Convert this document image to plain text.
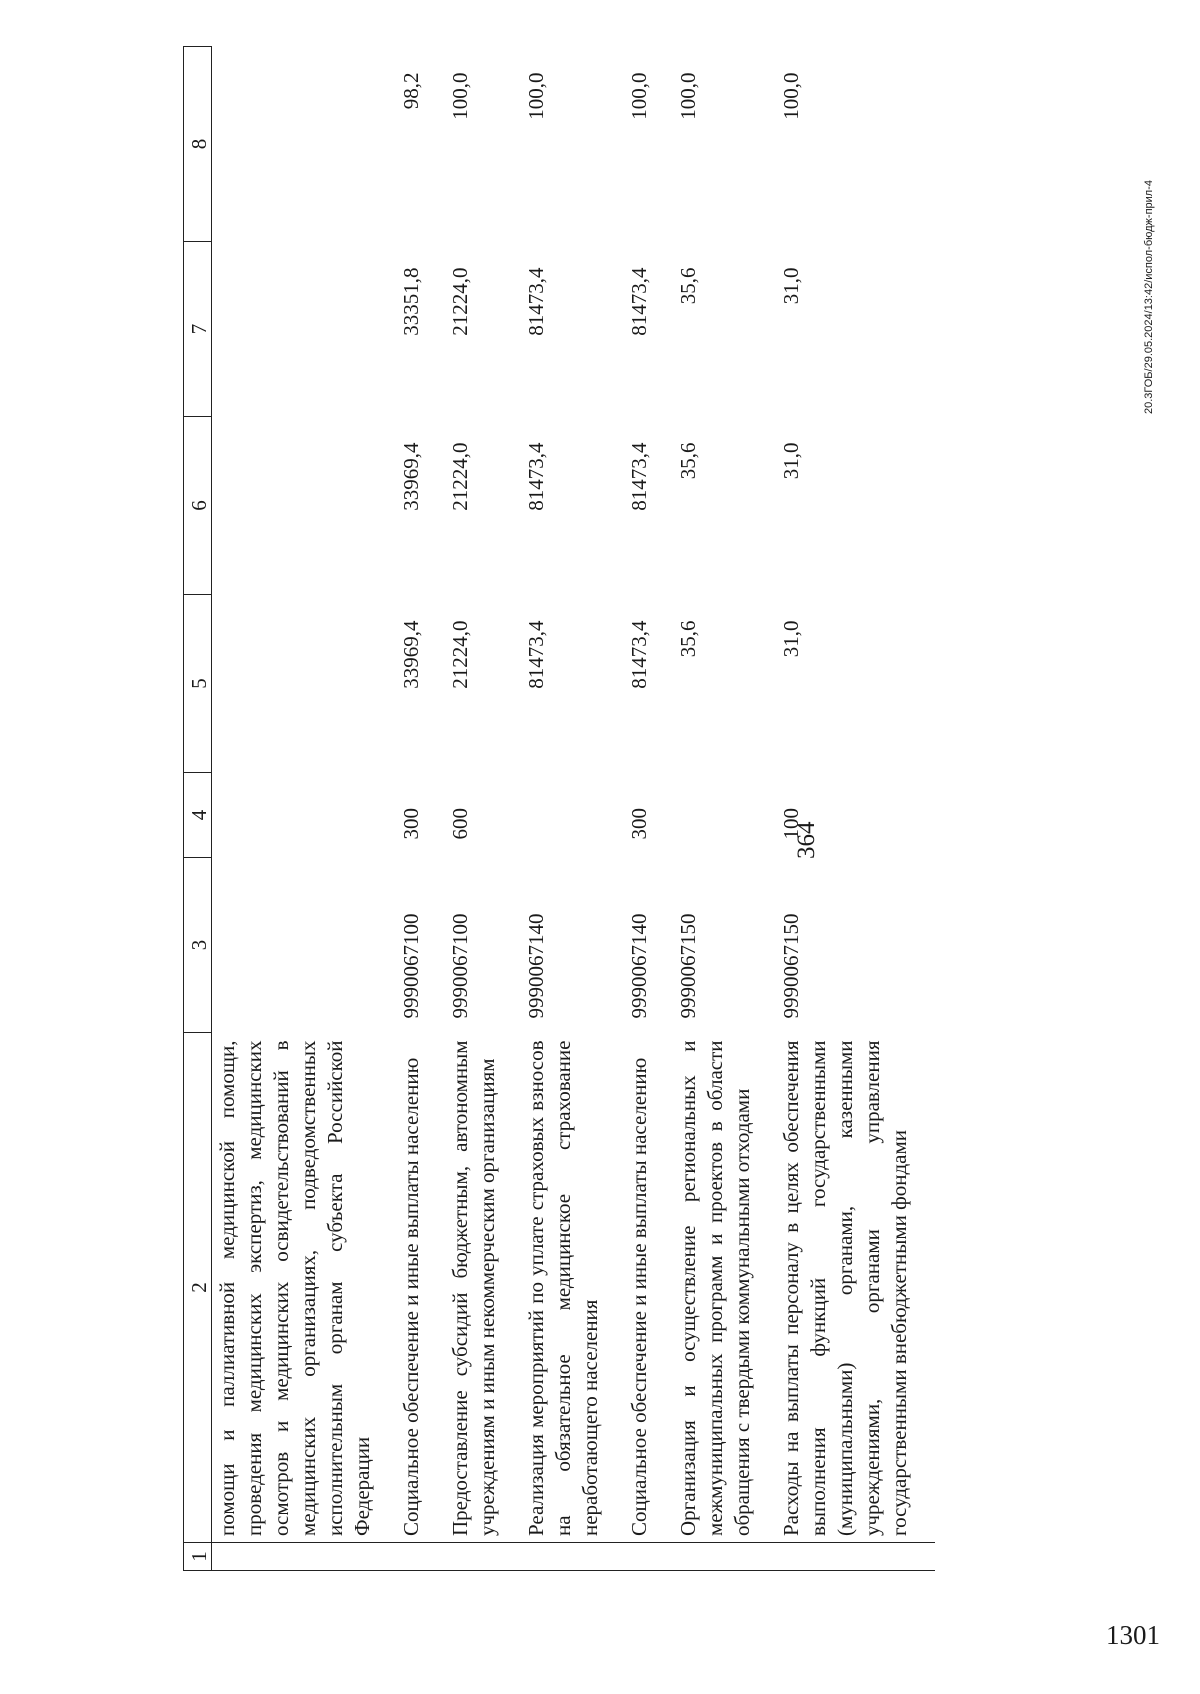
364
1	2	3	4	5	6	7	8
	помощи и паллиативной медицинской помощи, проведения медицинских экспертиз, медицинских осмотров и медицинских освидетельствований в медицинских организациях, подведомственных исполнительным органам субъекта Российской Федерации						
	Социальное обеспечение и иные выплаты населению	9990067100	300	33969,4	33969,4	33351,8	98,2
	Предоставление субсидий бюджетным, автономным учреждениям и иным некоммерческим организациям	9990067100	600	21224,0	21224,0	21224,0	100,0
	Реализация мероприятий по уплате страховых взносов на обязательное медицинское страхование неработающего населения	9990067140		81473,4	81473,4	81473,4	100,0
	Социальное обеспечение и иные выплаты населению	9990067140	300	81473,4	81473,4	81473,4	100,0
	Организация и осуществление региональных и межмуниципальных программ и проектов в области обращения с твердыми коммунальными отходами	9990067150		35,6	35,6	35,6	100,0
	Расходы на выплаты персоналу в целях обеспечения выполнения функций государственными (муниципальными) органами, казенными учреждениями, органами управления государственными внебюджетными фондами	9990067150	100	31,0	31,0	31,0	100,0
20.3ГОБ/29.05.2024/13:42/испол-бюдж-прил-4
1301
